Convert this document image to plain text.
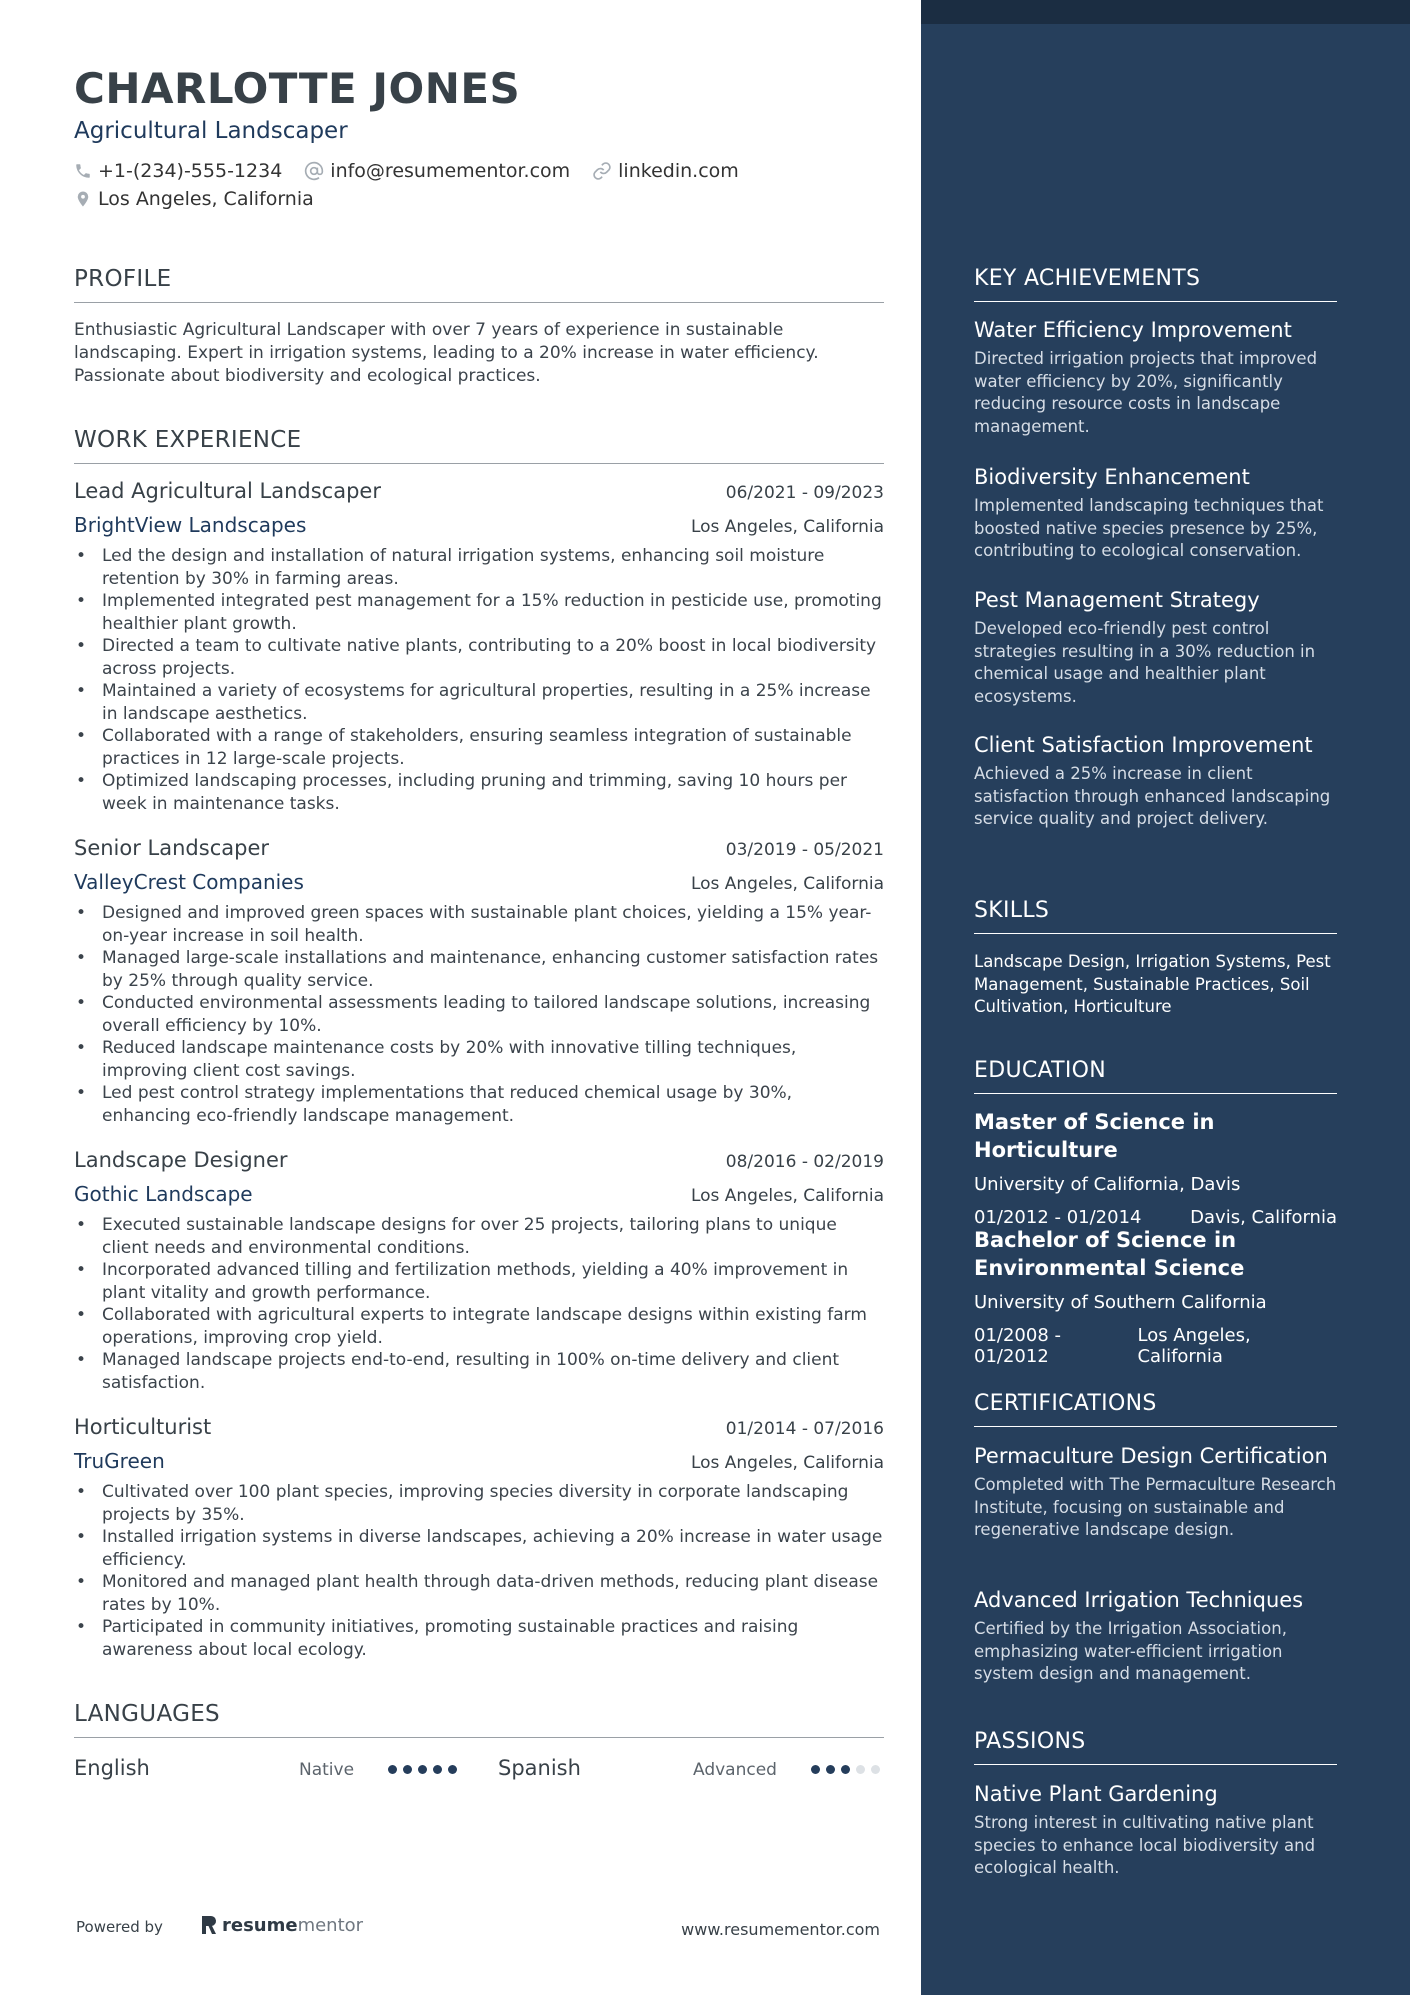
CHARLOTTE JONES
Agricultural Landscaper
+1-(234)-555-1234	info@resumementor.com	linkedin.com
Los Angeles, California
PROFILE
Enthusiastic Agricultural Landscaper with over 7 years of experience in sustainable landscaping. Expert in irrigation systems, leading to a 20% increase in water efficiency. Passionate about biodiversity and ecological practices.
WORK EXPERIENCE
Lead Agricultural Landscaper	06/2021 - 09/2023
BrightView Landscapes	Los Angeles, California
• Led the design and installation of natural irrigation systems, enhancing soil moisture retention by 30% in farming areas.
• Implemented integrated pest management for a 15% reduction in pesticide use, promoting healthier plant growth.
• Directed a team to cultivate native plants, contributing to a 20% boost in local biodiversity across projects.
• Maintained a variety of ecosystems for agricultural properties, resulting in a 25% increase in landscape aesthetics.
• Collaborated with a range of stakeholders, ensuring seamless integration of sustainable practices in 12 large-scale projects.
• Optimized landscaping processes, including pruning and trimming, saving 10 hours per week in maintenance tasks.
Senior Landscaper	03/2019 - 05/2021
ValleyCrest Companies	Los Angeles, California
• Designed and improved green spaces with sustainable plant choices, yielding a 15% year-on-year increase in soil health.
• Managed large-scale installations and maintenance, enhancing customer satisfaction rates by 25% through quality service.
• Conducted environmental assessments leading to tailored landscape solutions, increasing overall efficiency by 10%.
• Reduced landscape maintenance costs by 20% with innovative tilling techniques, improving client cost savings.
• Led pest control strategy implementations that reduced chemical usage by 30%, enhancing eco-friendly landscape management.
Landscape Designer	08/2016 - 02/2019
Gothic Landscape	Los Angeles, California
• Executed sustainable landscape designs for over 25 projects, tailoring plans to unique client needs and environmental conditions.
• Incorporated advanced tilling and fertilization methods, yielding a 40% improvement in plant vitality and growth performance.
• Collaborated with agricultural experts to integrate landscape designs within existing farm operations, improving crop yield.
• Managed landscape projects end-to-end, resulting in 100% on-time delivery and client satisfaction.
Horticulturist	01/2014 - 07/2016
TruGreen	Los Angeles, California
• Cultivated over 100 plant species, improving species diversity in corporate landscaping projects by 35%.
• Installed irrigation systems in diverse landscapes, achieving a 20% increase in water usage efficiency.
• Monitored and managed plant health through data-driven methods, reducing plant disease rates by 10%.
• Participated in community initiatives, promoting sustainable practices and raising awareness about local ecology.
LANGUAGES
English	Native	Spanish	Advanced
Powered by	resume mentor	www.resumementor.com
KEY ACHIEVEMENTS
Water Efficiency Improvement
Directed irrigation projects that improved water efficiency by 20%, significantly reducing resource costs in landscape management.
Biodiversity Enhancement
Implemented landscaping techniques that boosted native species presence by 25%, contributing to ecological conservation.
Pest Management Strategy
Developed eco-friendly pest control strategies resulting in a 30% reduction in chemical usage and healthier plant ecosystems.
Client Satisfaction Improvement
Achieved a 25% increase in client satisfaction through enhanced landscaping service quality and project delivery.
SKILLS
Landscape Design, Irrigation Systems, Pest Management, Sustainable Practices, Soil Cultivation, Horticulture
EDUCATION
Master of Science in Horticulture
University of California, Davis
01/2012 - 01/2014	Davis, California
Bachelor of Science in Environmental Science
University of Southern California
01/2008 - 01/2012
Los Angeles, California
CERTIFICATIONS
Permaculture Design Certification
Completed with The Permaculture Research Institute, focusing on sustainable and regenerative landscape design.
Advanced Irrigation Techniques
Certified by the Irrigation Association, emphasizing water-efficient irrigation system design and management.
PASSIONS
Native Plant Gardening
Strong interest in cultivating native plant species to enhance local biodiversity and ecological health.
